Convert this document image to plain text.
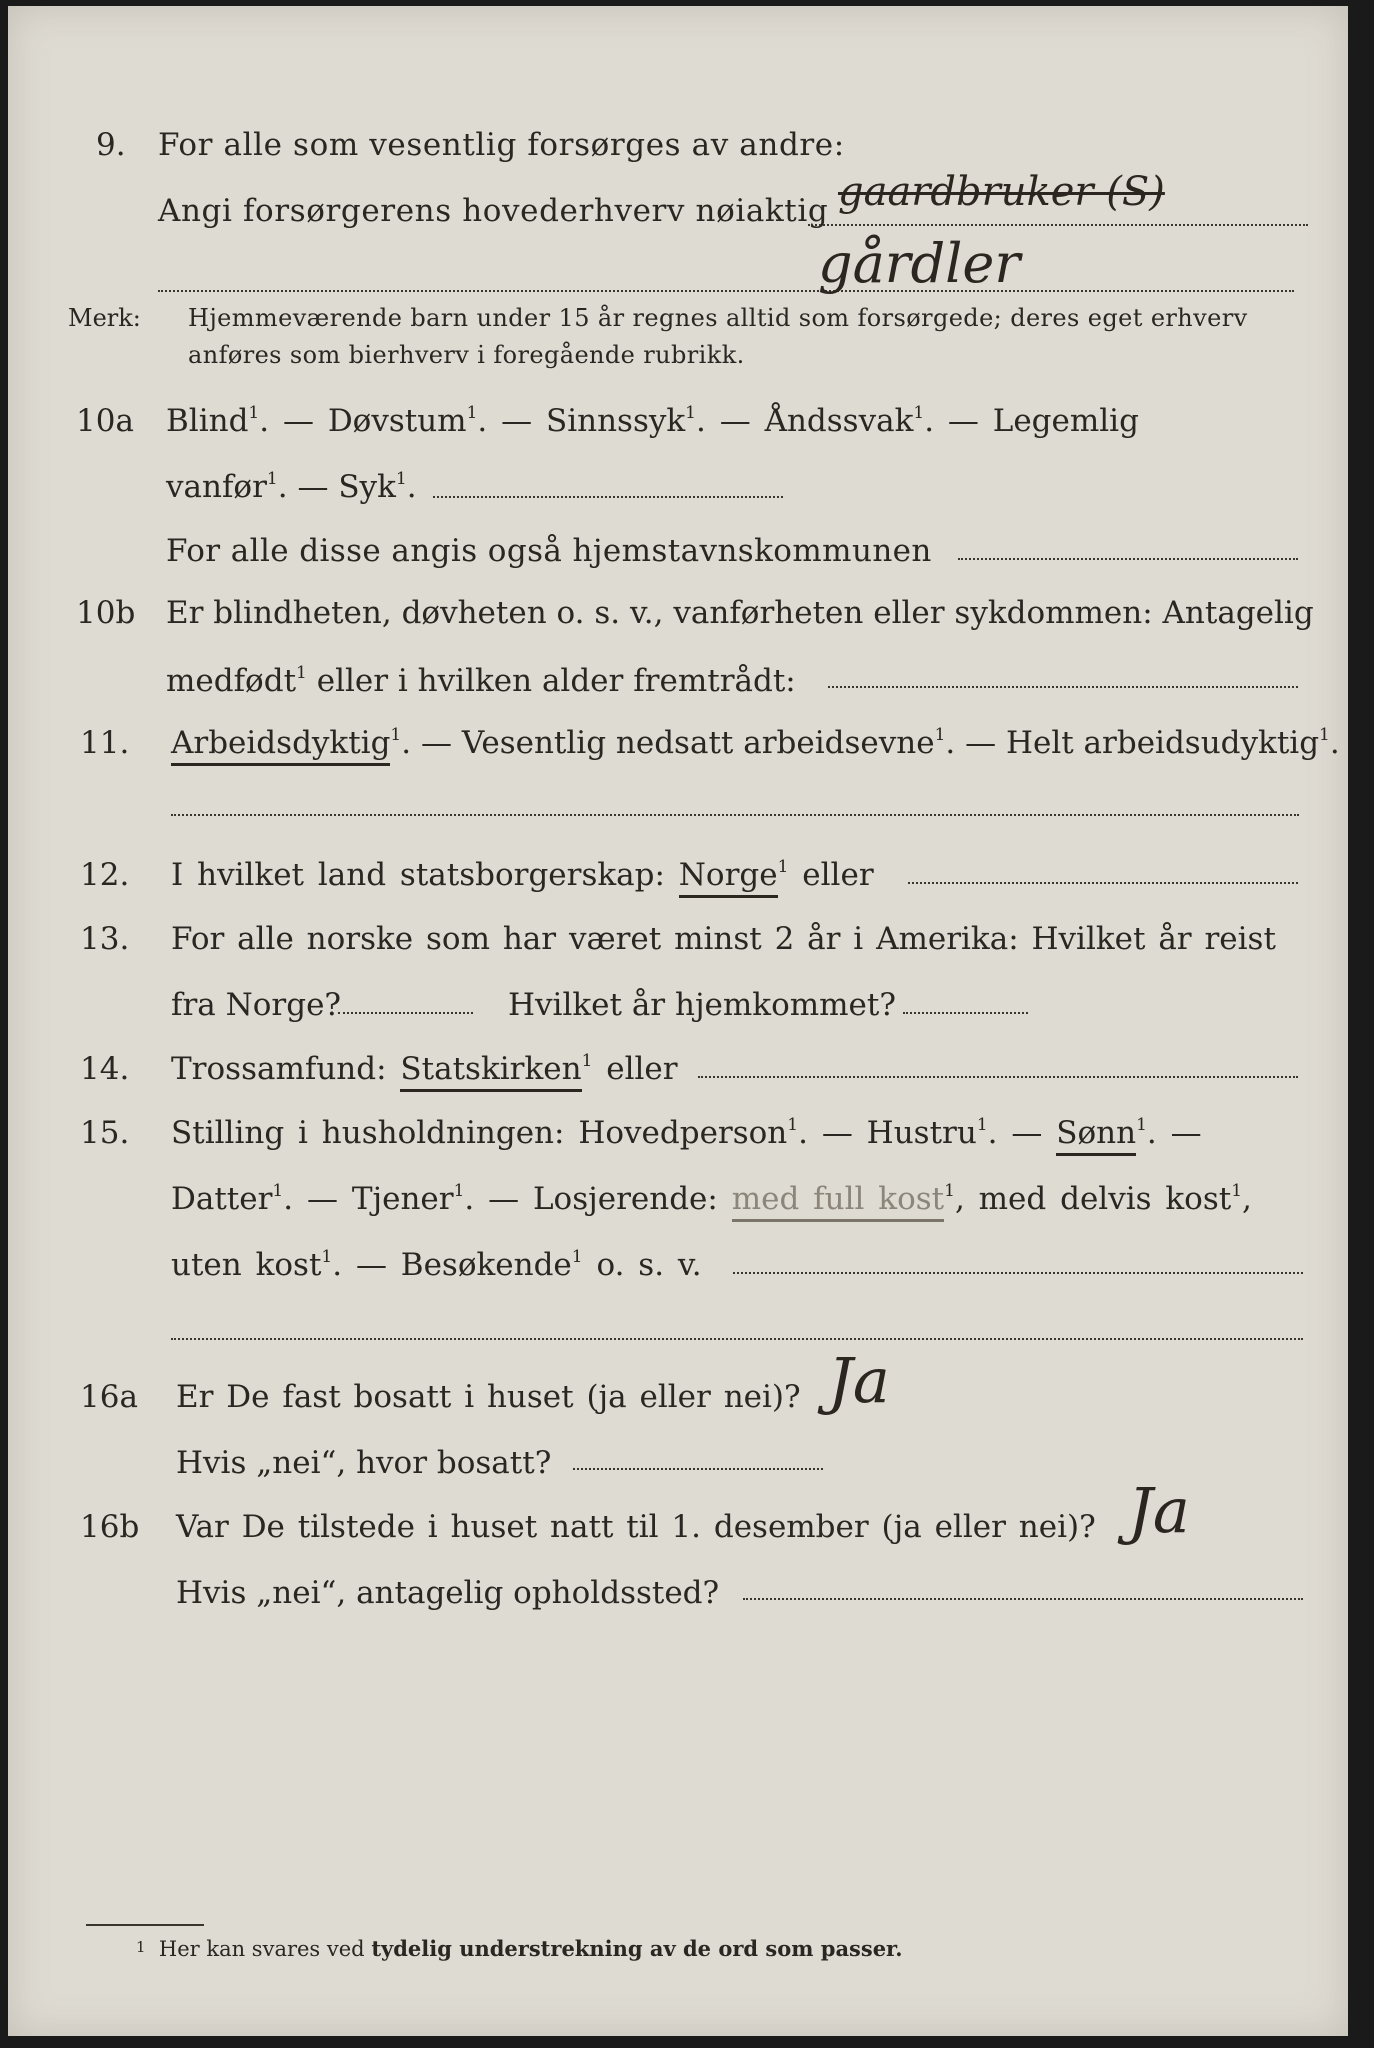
9. For alle som vesentlig forsørges av andre:
Angi forsørgerens hovederhverv nøiaktig gaardbruker (S)
gårdler
Merk: Hjemmeværende barn under 15 år regnes alltid som forsørgede; deres eget erhverv
anføres som bierhverv i foregående rubrikk.
10a Blind$^1$. — Døvstum$^1$. — Sinnssyk$^1$. — Åndssvak$^1$. — Legemlig
vanfør$^1$. — Syk$^1$.
For alle disse angis også hjemstavnskommunen
10b Er blindheten, døvheten o. s. v., vanførheten eller sykdommen: Antagelig
medfødt$^1$ eller i hvilken alder fremtrådt:
11. Arbeidsdyktig$^1$. — Vesentlig nedsatt arbeidsevne$^1$. — Helt arbeidsudyktig$^1$.
12. I hvilket land statsborgerskap: Norge$^1$ eller
13. For alle norske som har været minst 2 år i Amerika: Hvilket år reist
fra Norge?	Hvilket år hjemkommet?
14. Trossamfund: Statskirken$^1$ eller
15. Stilling i husholdningen: Hovedperson$^1$. — Hustru$^1$. — Sønn$^1$. —
Datter$^1$. — Tjener$^1$. — Losjerende: med full kost$^1$, med delvis kost$^1$,
uten kost$^1$. — Besøkende$^1$ o. s. v.
16a Er De fast bosatt i huset (ja eller nei)? Ja
Hvis „nei“, hvor bosatt?
16b Var De tilstede i huset natt til 1. desember (ja eller nei)? Ja
Hvis „nei“, antagelig opholdssted?
1 Her kan svares ved tydelig understrekning av de ord som passer.
